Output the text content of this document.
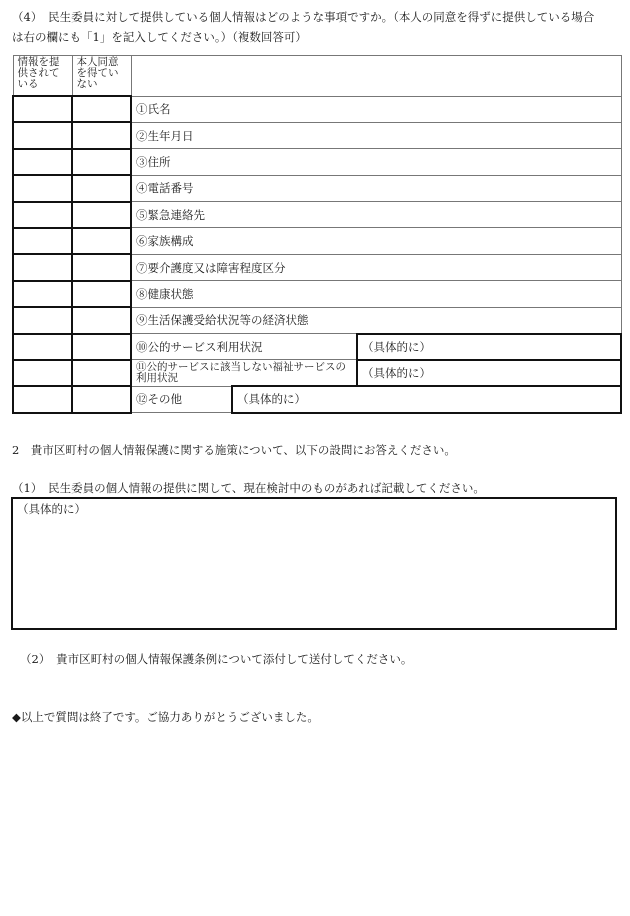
（4）　民生委員に対して提供している個人情報はどのような事項ですか。（本人の同意を得ずに提供している場合
は右の欄にも「1」を記入してください。）（複数回答可）
情報を提供されている	本人同意を得ていない			
		①氏名		
		②生年月日		
		③住所		
		④電話番号		
		⑤緊急連絡先		
		⑥家族構成		
		⑦要介護度又は障害程度区分		
		⑧健康状態		
		⑨生活保護受給状況等の経済状態		
		⑩公的サービス利用状況		（具体的に）
		⑪公的サービスに該当しない福祉サービスの利用状況		（具体的に）
		⑫その他	（具体的に）	
2　貴市区町村の個人情報保護に関する施策について、以下の設問にお答えください。
（1）　民生委員の個人情報の提供に関して、現在検討中のものがあれば記載してください。
（具体的に）
（2）　貴市区町村の個人情報保護条例について添付して送付してください。
◆以上で質問は終了です。ご協力ありがとうございました。
